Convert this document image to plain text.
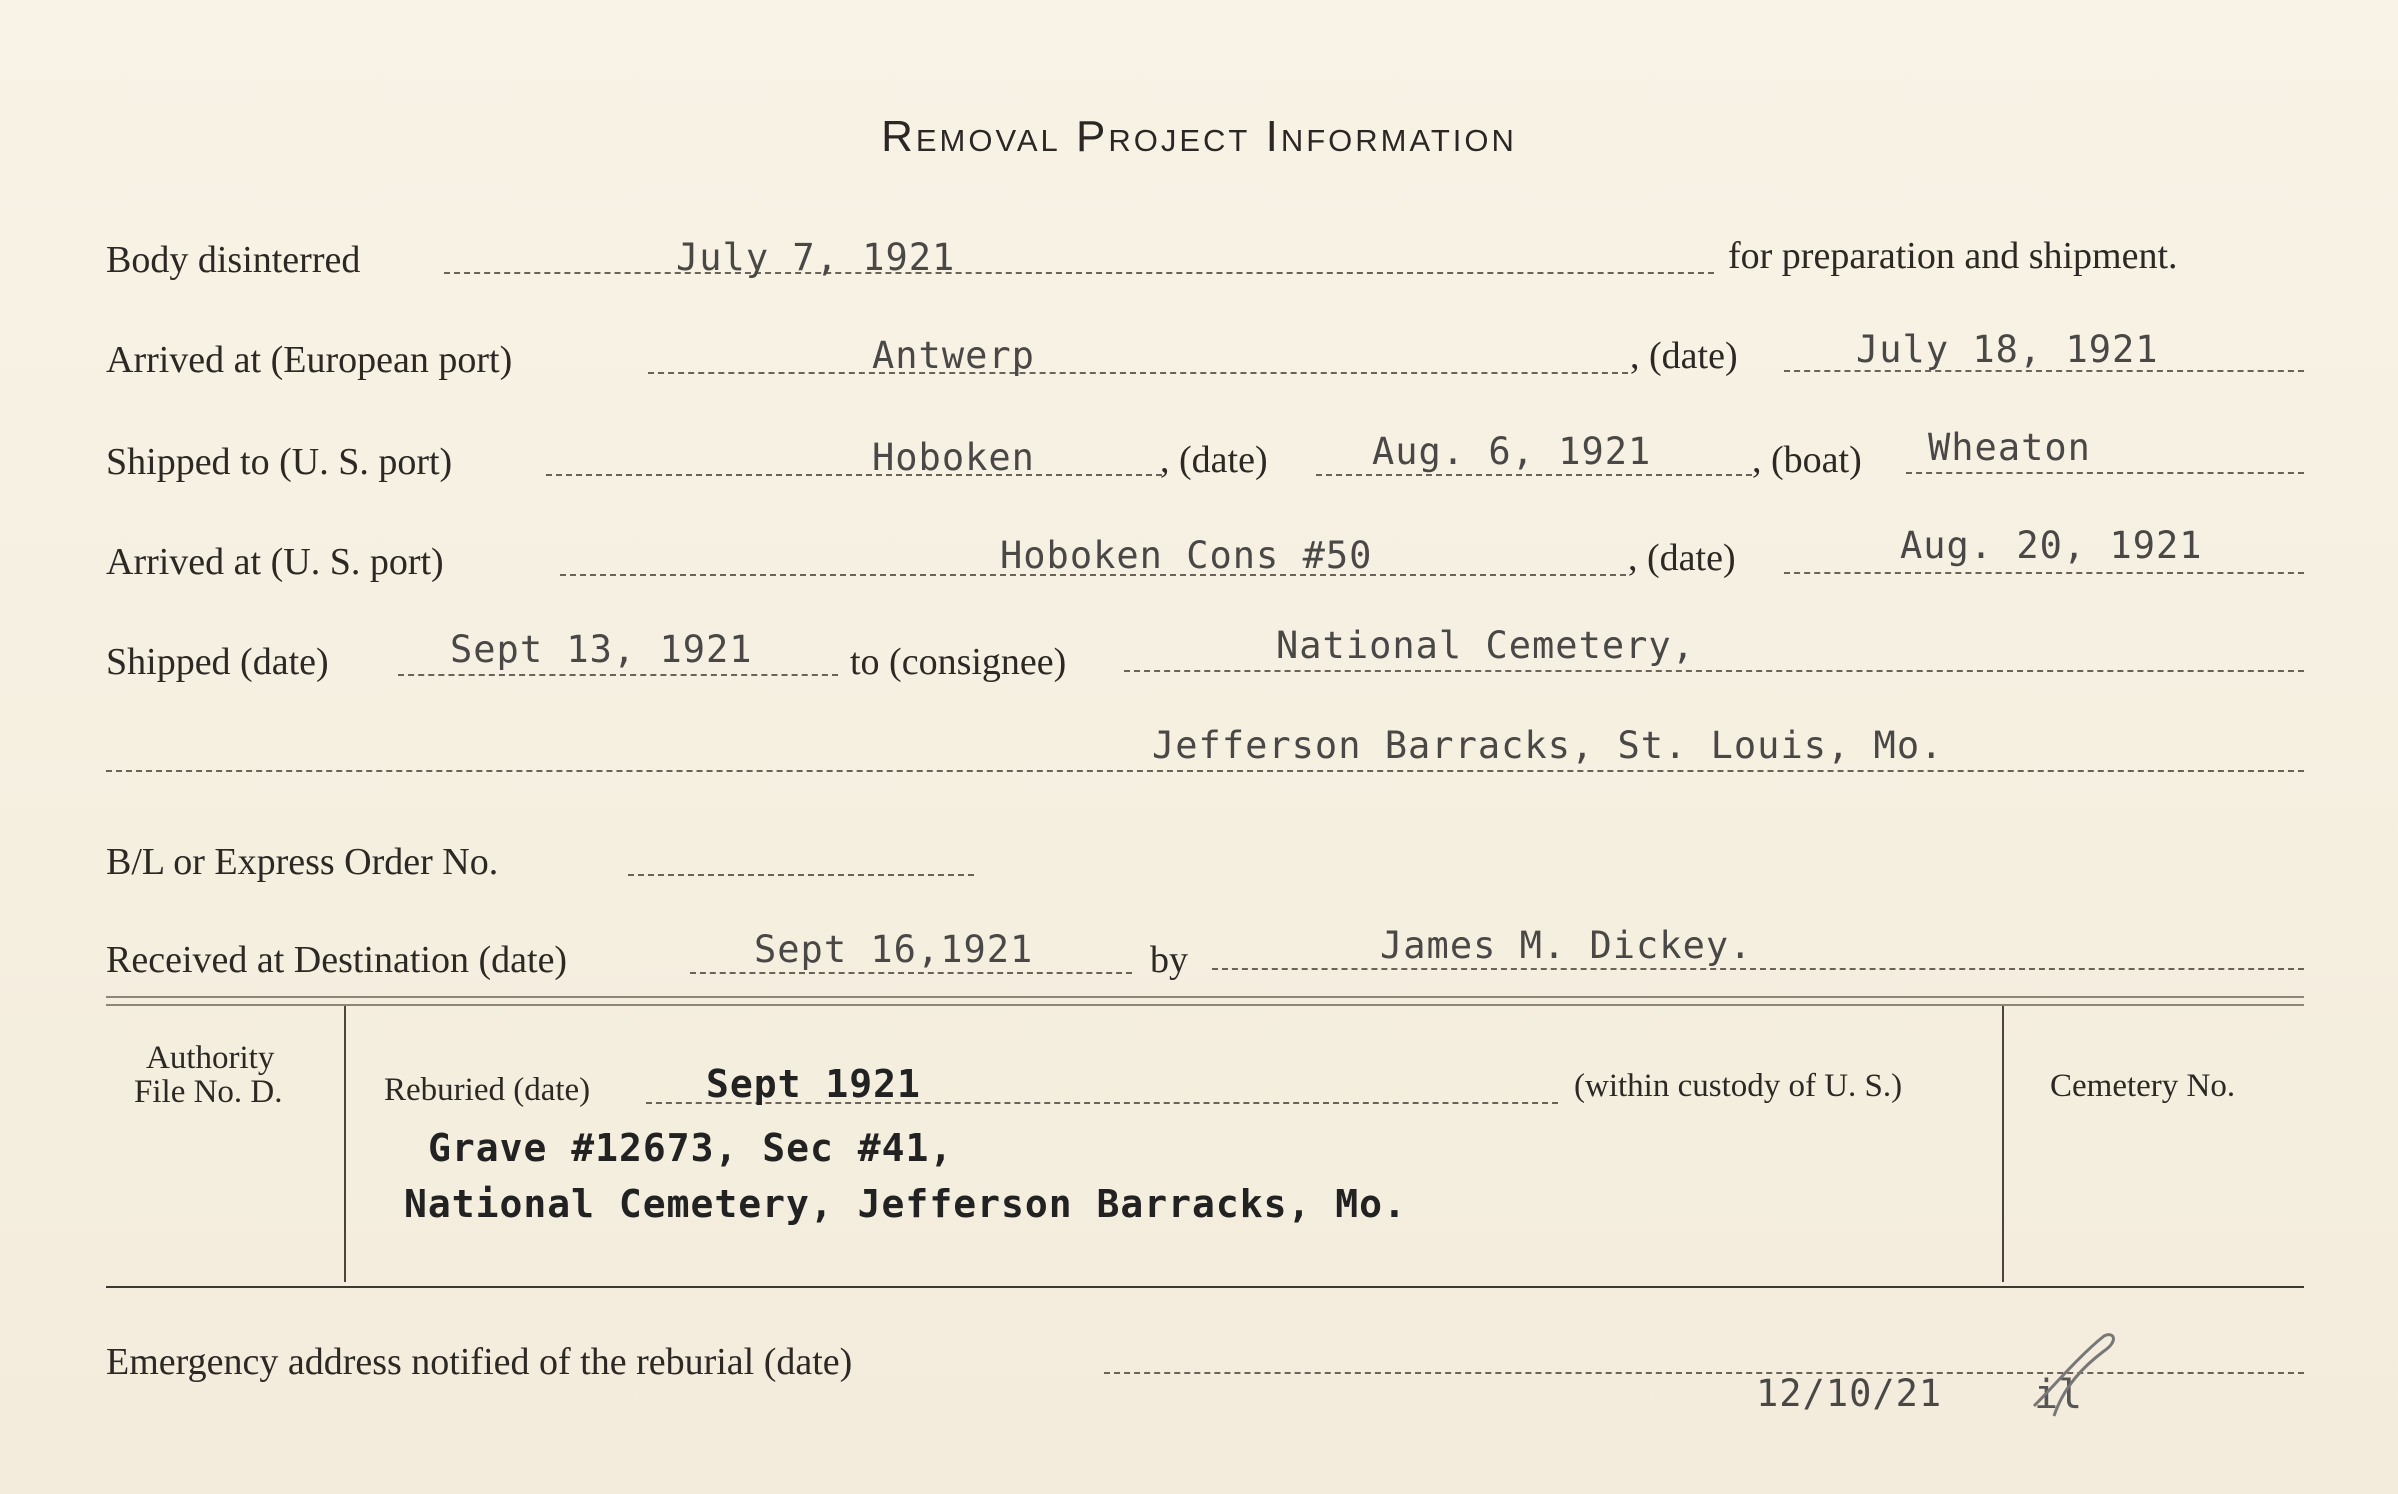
Removal Project Information
Body disinterred	July 7, 1921	for preparation and shipment.
Arrived at (European port)	Antwerp	, (date)	July 18, 1921
Shipped to (U. S. port)	Hoboken	, (date)	Aug. 6, 1921	, (boat) Wheaton
Arrived at (U. S. port)	Hoboken Cons #50	, (date)	Aug. 20, 1921
Shipped (date)	Sept 13, 1921	to (consignee)	National Cemetery,
Jefferson Barracks, St. Louis, Mo.
B/L or Express Order No.
Received at Destination (date)	Sept 16,1921	by	James M. Dickey.
Authority
File No. D.	Reburied (date)	Sept 1921	(within custody of U. S.)	Cemetery No.
Grave #12673, Sec #41,
National Cemetery, Jefferson Barracks, Mo.
Emergency address notified of the reburial (date)
12/10/21 il
